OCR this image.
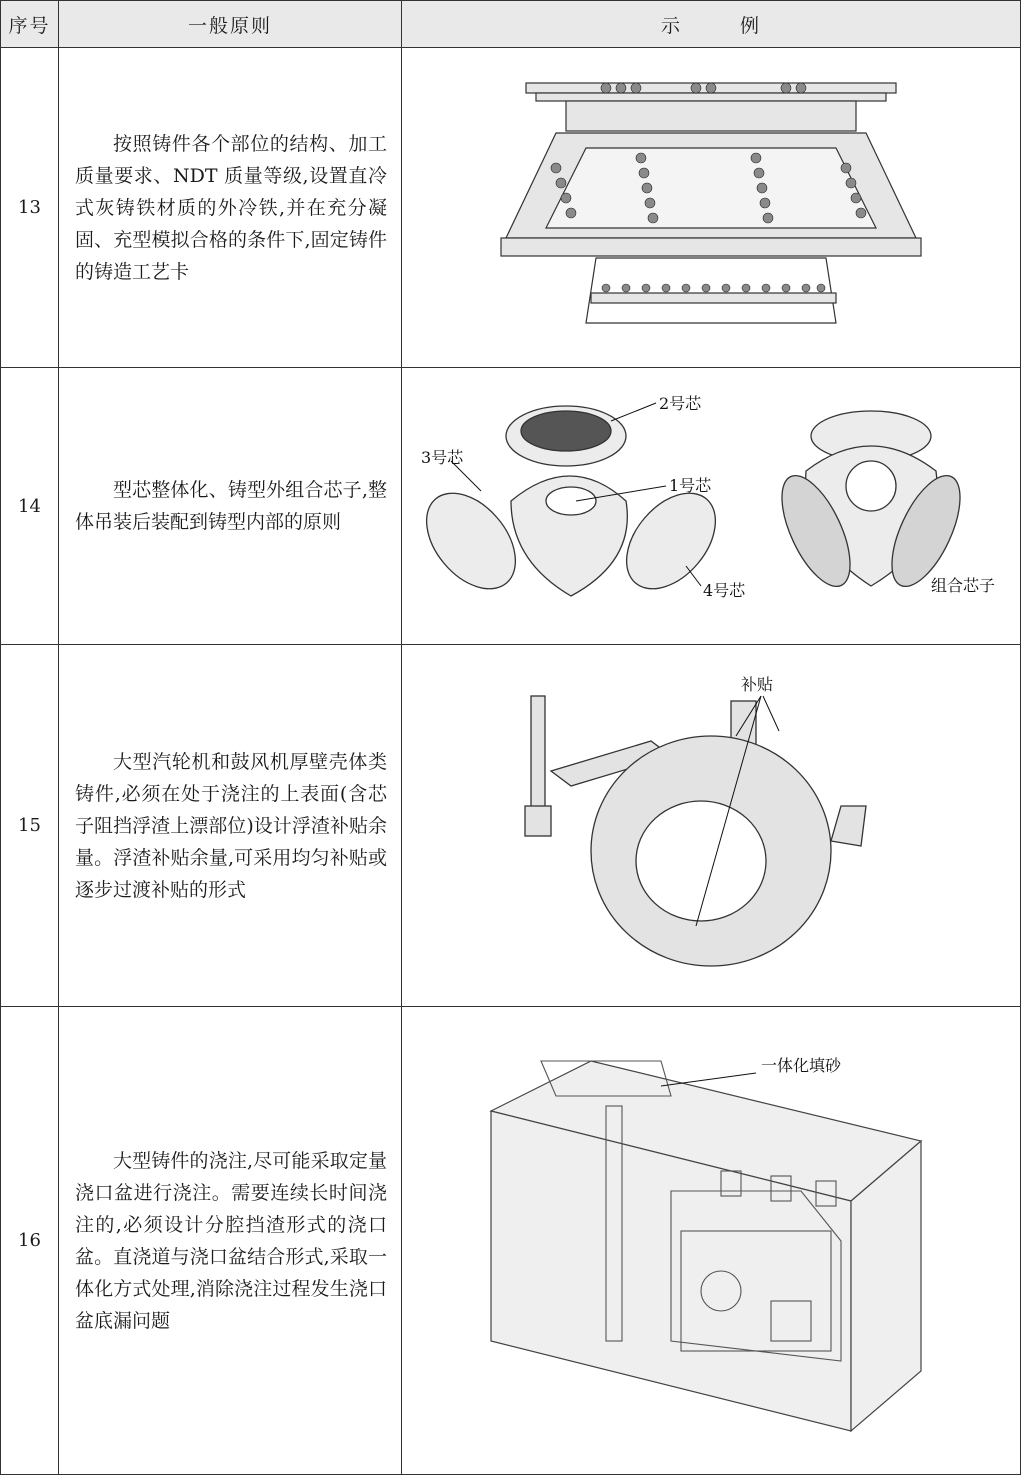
序号	一般原则	示 例
13	按照铸件各个部位的结构、加工质量要求、NDT 质量等级,设置直冷式灰铸铁材质的外冷铁,并在充分凝固、充型模拟合格的条件下,固定铸件的铸造工艺卡

14	型芯整体化、铸型外组合芯子,整体吊装后装配到铸型内部的原则	2号芯
3号芯
1号芯
4号芯 组合芯子

15	大型汽轮机和鼓风机厚壁壳体类铸件,必须在处于浇注的上表面(含芯子阻挡浮渣上漂部位)设计浮渣补贴余量。浮渣补贴余量,可采用均匀补贴或逐步过渡补贴的形式	补贴

16	大型铸件的浇注,尽可能采取定量浇口盆进行浇注。需要连续长时间浇注的,必须设计分腔挡渣形式的浇口盆。直浇道与浇口盆结合形式,采取一体化方式处理,消除浇注过程发生浇口盆底漏问题	一体化填砂
